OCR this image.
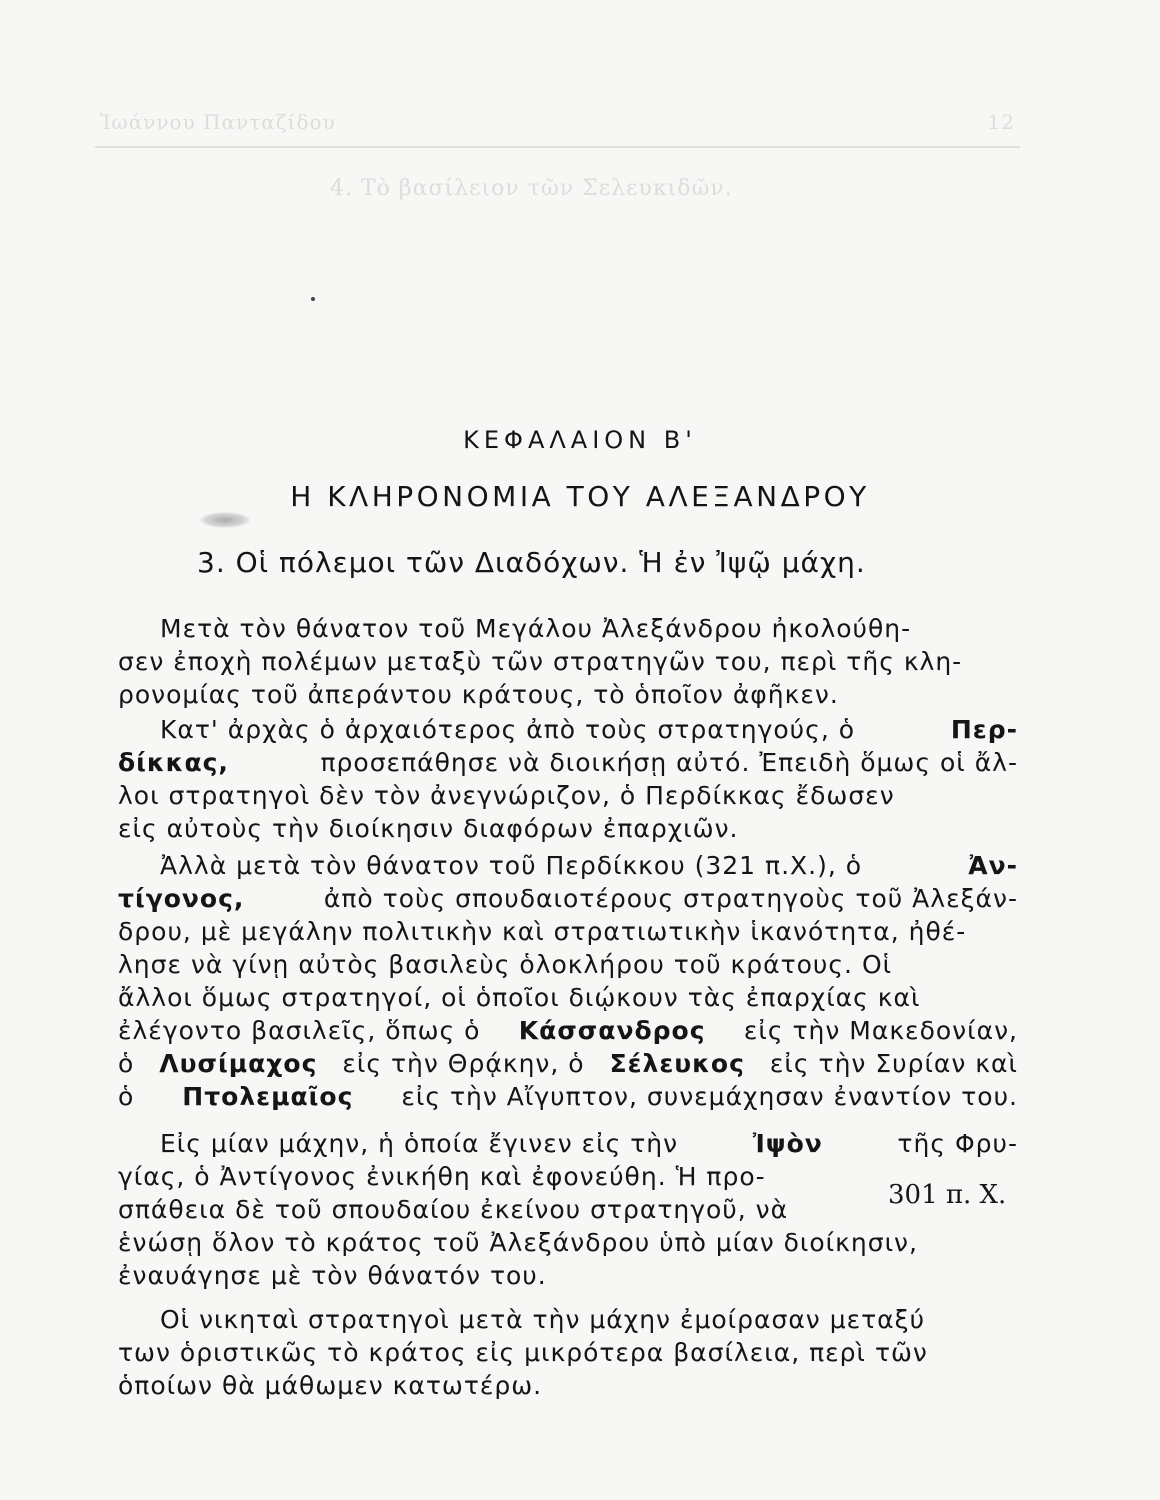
Ἰωάννου Πανταζίδου	12
4. Τὸ βασίλειον τῶν Σελευκιδῶν.
ΚΕΦΑΛΑΙΟΝ Β'
Η ΚΛΗΡΟΝΟΜΙΑ ΤΟΥ ΑΛΕΞΑΝΔΡΟΥ
3. Οἱ πόλεμοι τῶν Διαδόχων. Ἡ ἐν Ἰψῷ μάχη.
Μετὰ τὸν θάνατον τοῦ Μεγάλου Ἀλεξάνδρου ἠκολούθη-
σεν ἐποχὴ πολέμων μεταξὺ τῶν στρατηγῶν του, περὶ τῆς κλη-
ρονομίας τοῦ ἀπεράντου κράτους, τὸ ὁποῖον ἀφῆκεν.
Κατ' ἀρχὰς ὁ ἀρχαιότερος ἀπὸ τοὺς στρατηγούς, ὁ	Περ-
δίκκας,	προσεπάθησε νὰ διοικήσῃ αὐτό. Ἐπειδὴ ὅμως οἱ ἄλ-
λοι στρατηγοὶ δὲν τὸν ἀνεγνώριζον, ὁ Περδίκκας ἔδωσεν
εἰς αὐτοὺς τὴν διοίκησιν διαφόρων ἐπαρχιῶν.
Ἀλλὰ μετὰ τὸν θάνατον τοῦ Περδίκκου (321 π.Χ.), ὁ	Ἀν-
τίγονος,	ἀπὸ τοὺς σπουδαιοτέρους στρατηγοὺς τοῦ Ἀλεξάν-
δρου, μὲ μεγάλην πολιτικὴν καὶ στρατιωτικὴν ἱκανότητα, ἠθέ-
λησε νὰ γίνῃ αὐτὸς βασιλεὺς ὁλοκλήρου τοῦ κράτους. Οἱ
ἄλλοι ὅμως στρατηγοί, οἱ ὁποῖοι διῴκουν τὰς ἐπαρχίας καὶ
ἐλέγοντο βασιλεῖς, ὅπως ὁ Κάσσανδρος εἰς τὴν Μακεδονίαν,
ὁ Λυσίμαχος εἰς τὴν Θρᾴκην, ὁ Σέλευκος εἰς τὴν Συρίαν καὶ
ὁ Πτολεμαῖος εἰς τὴν Αἴγυπτον, συνεμάχησαν ἐναντίον του.
Εἰς μίαν μάχην, ἡ ὁποία ἔγινεν εἰς τὴν	Ἰψὸν	τῆς Φρυ-
γίας, ὁ Ἀντίγονος ἐνικήθη καὶ ἐφονεύθη. Ἡ προ-
σπάθεια δὲ τοῦ σπουδαίου ἐκείνου στρατηγοῦ, νὰ
ἑνώσῃ ὅλον τὸ κράτος τοῦ Ἀλεξάνδρου ὑπὸ μίαν διοίκησιν,
ἐναυάγησε μὲ τὸν θάνατόν του.
301 π. Χ.
Οἱ νικηταὶ στρατηγοὶ μετὰ τὴν μάχην ἐμοίρασαν μεταξύ
των ὁριστικῶς τὸ κράτος εἰς μικρότερα βασίλεια, περὶ τῶν
ὁποίων θὰ μάθωμεν κατωτέρω.
